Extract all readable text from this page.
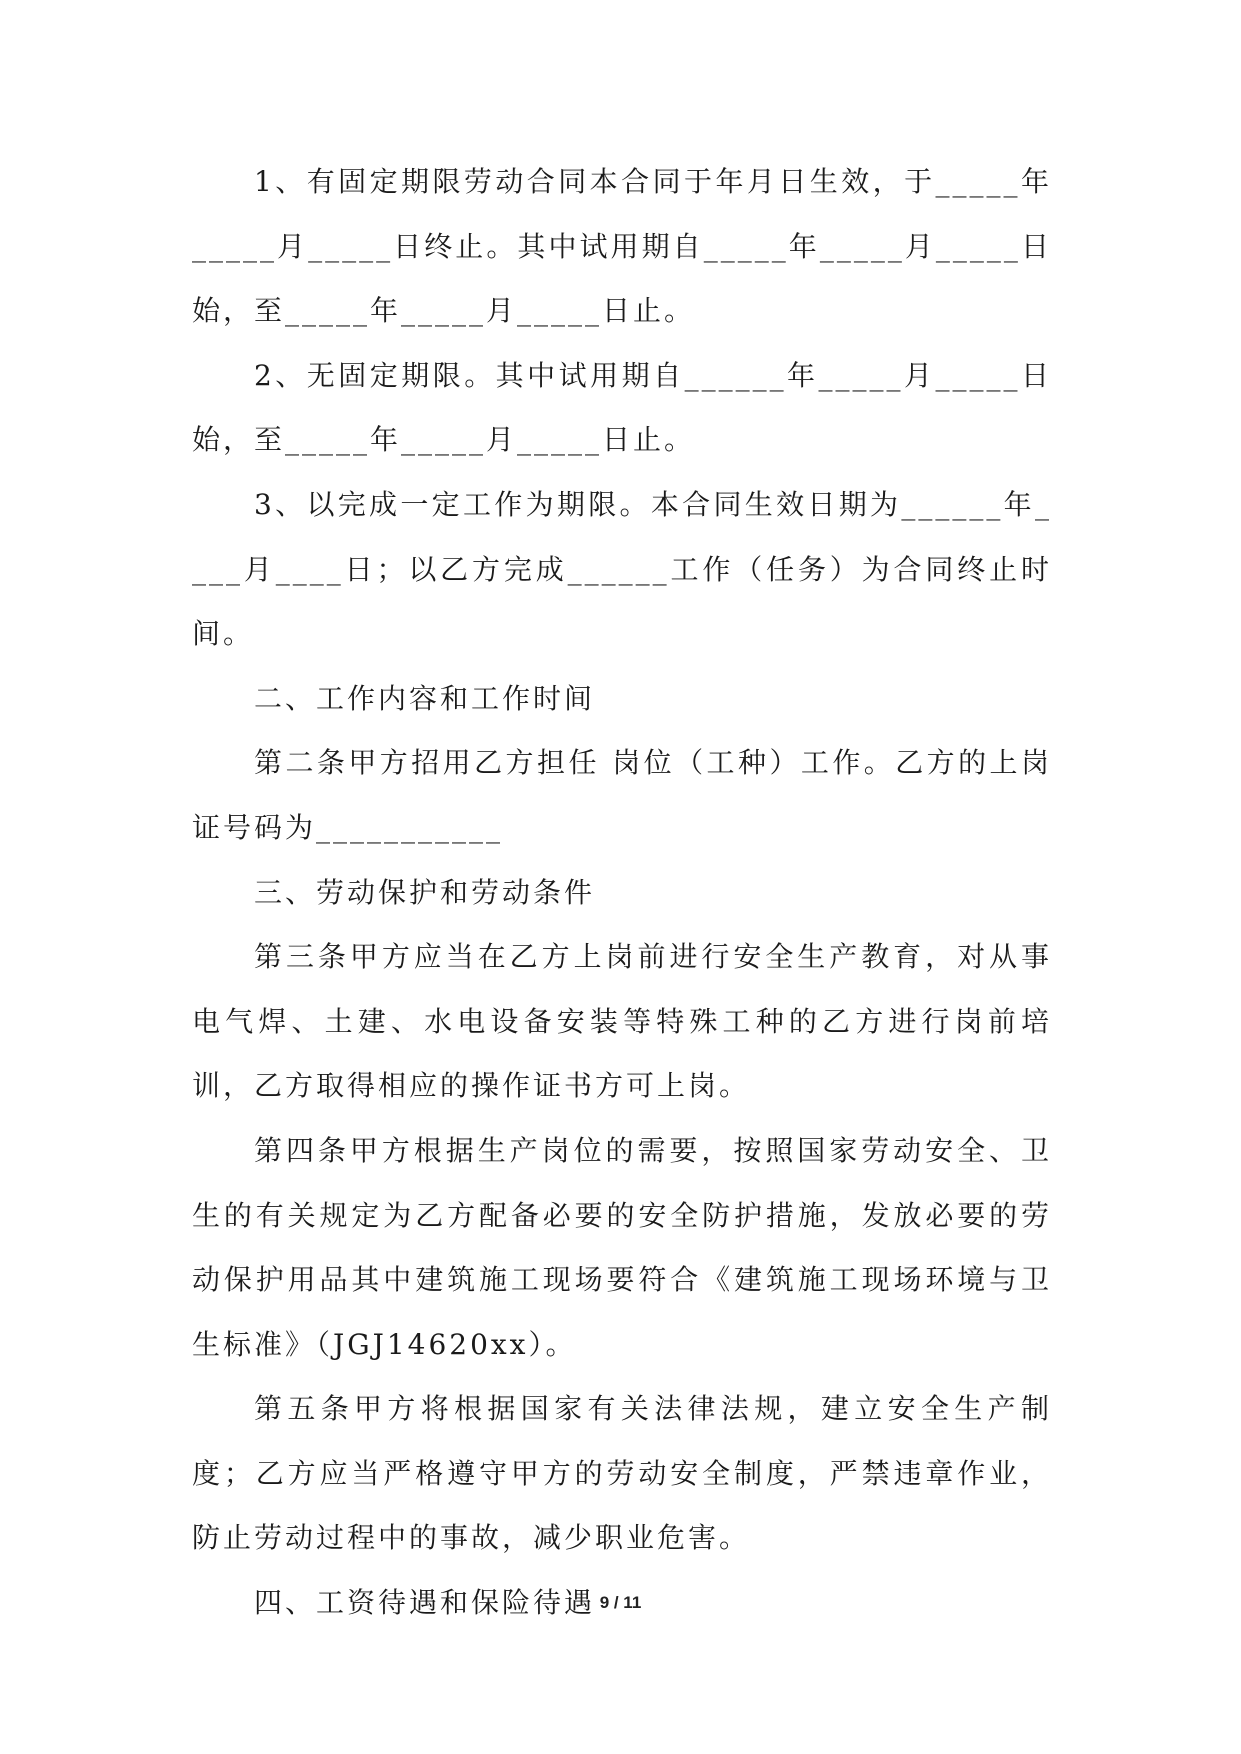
1、有固定期限劳动合同本合同于年月日生效，于_____年_____月_____日终止。其中试用期自_____年_____月_____日始，至_____年_____月_____日止。

2、无固定期限。其中试用期自______年_____月_____日始，至_____年_____月_____日止。

3、以完成一定工作为期限。本合同生效日期为______年____月____日；以乙方完成______工作（任务）为合同终止时间。

二、工作内容和工作时间

第二条甲方招用乙方担任 岗位（工种）工作。乙方的上岗证号码为___________

三、劳动保护和劳动条件

第三条甲方应当在乙方上岗前进行安全生产教育，对从事电气焊、土建、水电设备安装等特殊工种的乙方进行岗前培训，乙方取得相应的操作证书方可上岗。

第四条甲方根据生产岗位的需要，按照国家劳动安全、卫生的有关规定为乙方配备必要的安全防护措施，发放必要的劳动保护用品其中建筑施工现场要符合《建筑施工现场环境与卫生标准》（JGJ14620xx）。

第五条甲方将根据国家有关法律法规，建立安全生产制度；乙方应当严格遵守甲方的劳动安全制度，严禁违章作业，防止劳动过程中的事故，减少职业危害。

四、工资待遇和保险待遇 9 / 11
